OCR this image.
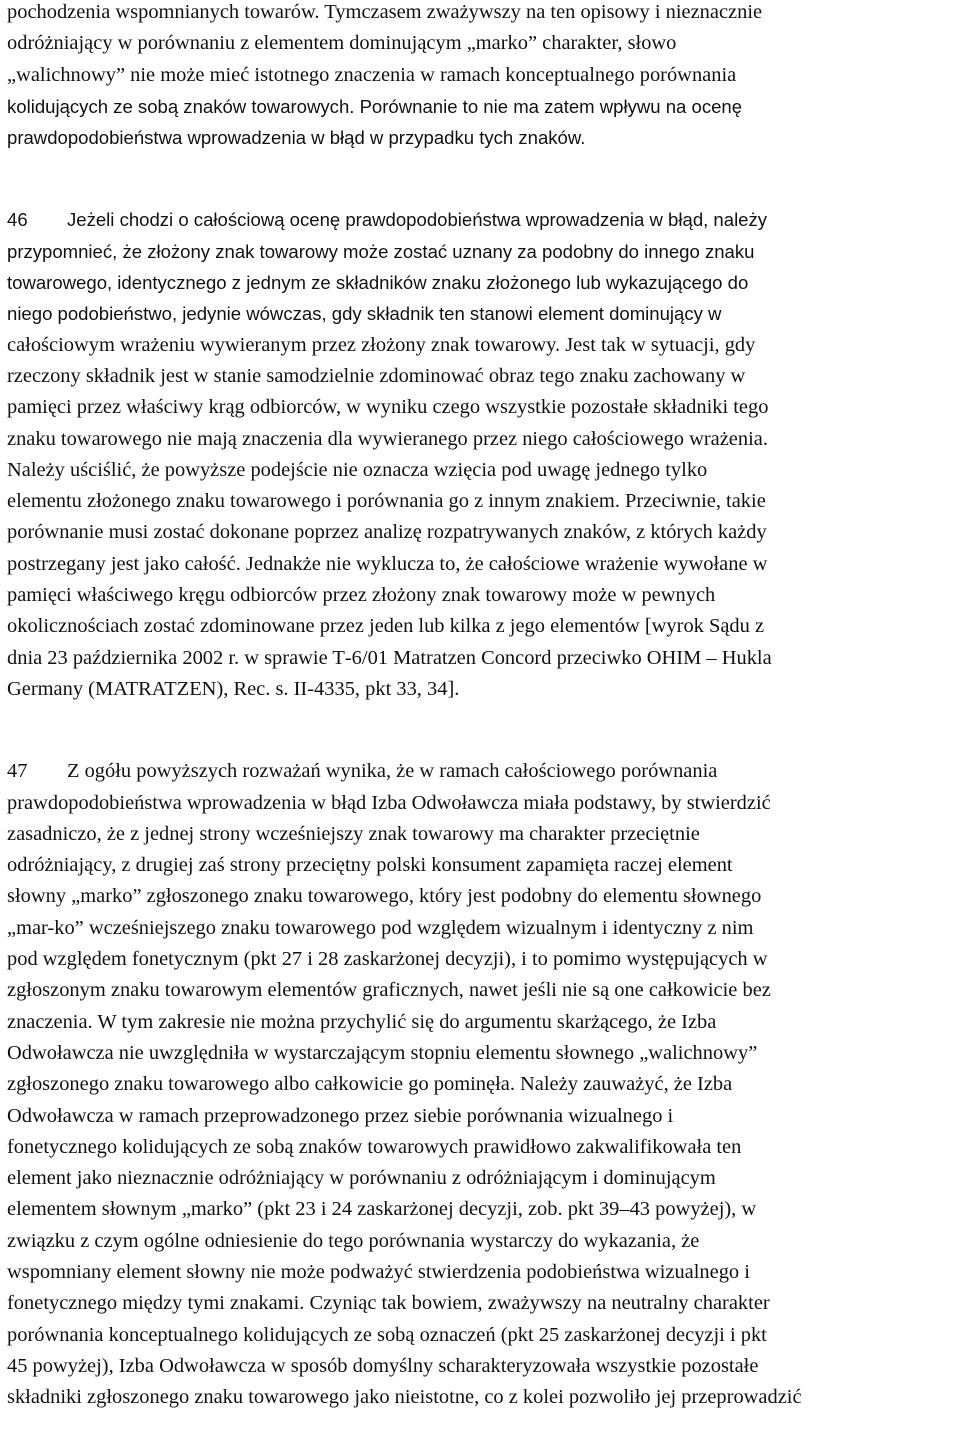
pochodzenia wspomnianych towarów. Tymczasem zważywszy na ten opisowy i nieznacznie
odróżniający w porównaniu z elementem dominującym „marko” charakter, słowo
„walichnowy” nie może mieć istotnego znaczenia w ramach konceptualnego porównania
kolidujących ze sobą znaków towarowych. Porównanie to nie ma zatem wpływu na ocenę
prawdopodobieństwa wprowadzenia w błąd w przypadku tych znaków.

46 Jeżeli chodzi o całościową ocenę prawdopodobieństwa wprowadzenia w błąd, należy
przypomnieć, że złożony znak towarowy może zostać uznany za podobny do innego znaku
towarowego, identycznego z jednym ze składników znaku złożonego lub wykazującego do
niego podobieństwo, jedynie wówczas, gdy składnik ten stanowi element dominujący w
całościowym wrażeniu wywieranym przez złożony znak towarowy. Jest tak w sytuacji, gdy
rzeczony składnik jest w stanie samodzielnie zdominować obraz tego znaku zachowany w
pamięci przez właściwy krąg odbiorców, w wyniku czego wszystkie pozostałe składniki tego
znaku towarowego nie mają znaczenia dla wywieranego przez niego całościowego wrażenia.
Należy uściślić, że powyższe podejście nie oznacza wzięcia pod uwagę jednego tylko
elementu złożonego znaku towarowego i porównania go z innym znakiem. Przeciwnie, takie
porównanie musi zostać dokonane poprzez analizę rozpatrywanych znaków, z których każdy
postrzegany jest jako całość. Jednakże nie wyklucza to, że całościowe wrażenie wywołane w
pamięci właściwego kręgu odbiorców przez złożony znak towarowy może w pewnych
okolicznościach zostać zdominowane przez jeden lub kilka z jego elementów [wyrok Sądu z
dnia 23 października 2002 r. w sprawie T‑6/01 Matratzen Concord przeciwko OHIM – Hukla
Germany (MATRATZEN), Rec. s. II‑4335, pkt 33, 34].

47 Z ogółu powyższych rozważań wynika, że w ramach całościowego porównania
prawdopodobieństwa wprowadzenia w błąd Izba Odwoławcza miała podstawy, by stwierdzić
zasadniczo, że z jednej strony wcześniejszy znak towarowy ma charakter przeciętnie
odróżniający, z drugiej zaś strony przeciętny polski konsument zapamięta raczej element
słowny „marko” zgłoszonego znaku towarowego, który jest podobny do elementu słownego
„mar-ko” wcześniejszego znaku towarowego pod względem wizualnym i identyczny z nim
pod względem fonetycznym (pkt 27 i 28 zaskarżonej decyzji), i to pomimo występujących w
zgłoszonym znaku towarowym elementów graficznych, nawet jeśli nie są one całkowicie bez
znaczenia. W tym zakresie nie można przychylić się do argumentu skarżącego, że Izba
Odwoławcza nie uwzględniła w wystarczającym stopniu elementu słownego „walichnowy”
zgłoszonego znaku towarowego albo całkowicie go pominęła. Należy zauważyć, że Izba
Odwoławcza w ramach przeprowadzonego przez siebie porównania wizualnego i
fonetycznego kolidujących ze sobą znaków towarowych prawidłowo zakwalifikowała ten
element jako nieznacznie odróżniający w porównaniu z odróżniającym i dominującym
elementem słownym „marko” (pkt 23 i 24 zaskarżonej decyzji, zob. pkt 39–43 powyżej), w
związku z czym ogólne odniesienie do tego porównania wystarczy do wykazania, że
wspomniany element słowny nie może podważyć stwierdzenia podobieństwa wizualnego i
fonetycznego między tymi znakami. Czyniąc tak bowiem, zważywszy na neutralny charakter
porównania konceptualnego kolidujących ze sobą oznaczeń (pkt 25 zaskarżonej decyzji i pkt
45 powyżej), Izba Odwoławcza w sposób domyślny scharakteryzowała wszystkie pozostałe
składniki zgłoszonego znaku towarowego jako nieistotne, co z kolei pozwoliło jej przeprowadzić
